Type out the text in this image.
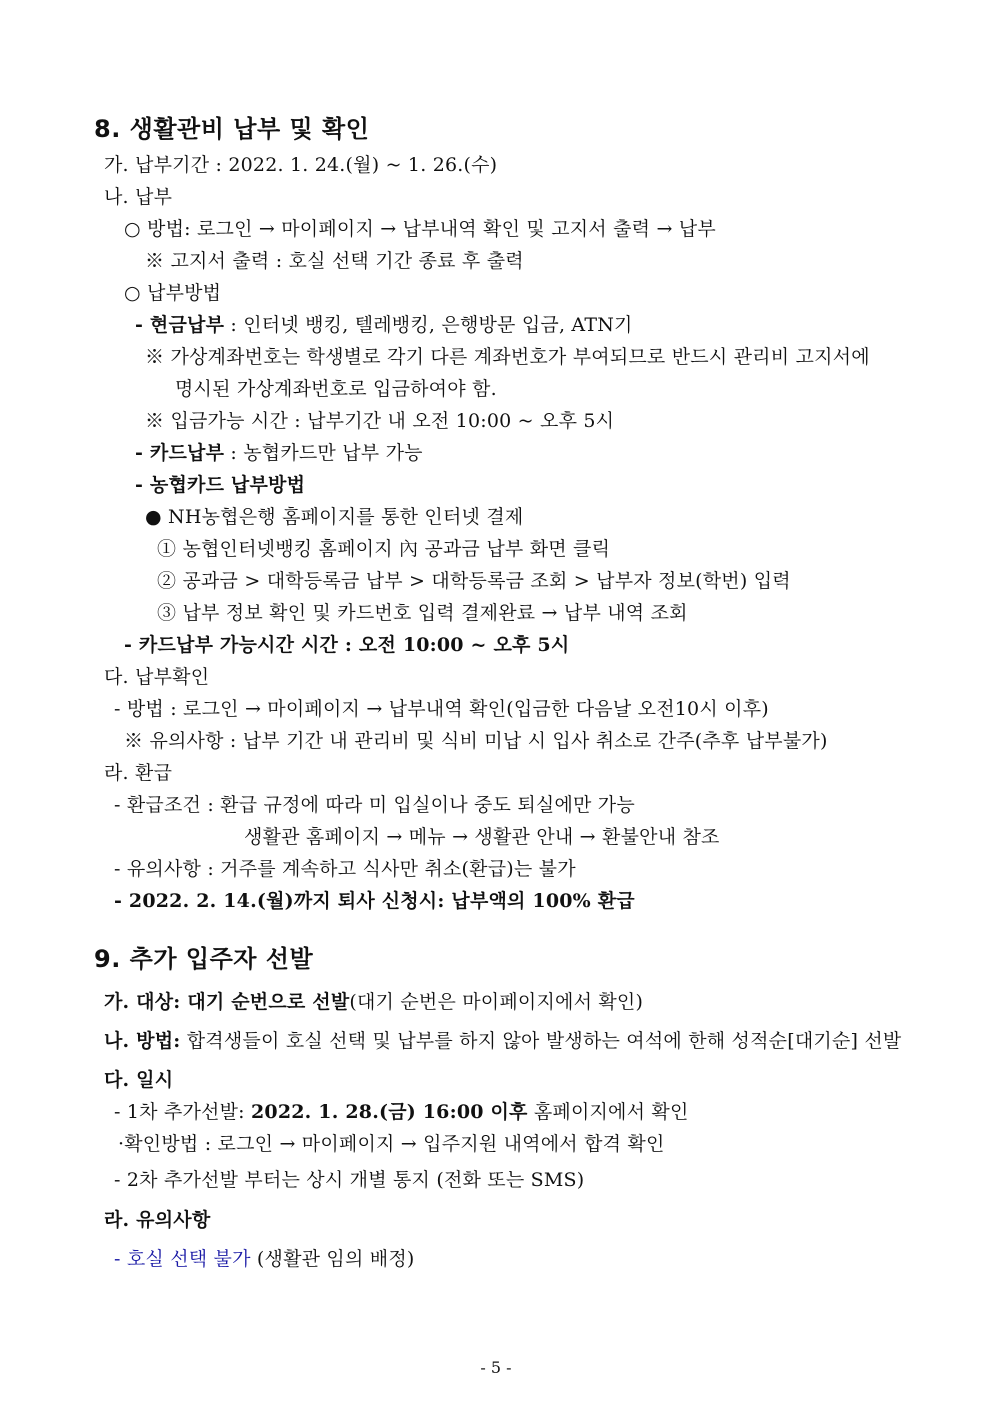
8. 생활관비 납부 및 확인
가. 납부기간 : 2022. 1. 24.(월) ~ 1. 26.(수)
나. 납부
○ 방법: 로그인 → 마이페이지 → 납부내역 확인 및 고지서 출력 → 납부
※ 고지서 출력 : 호실 선택 기간 종료 후 출력
○ 납부방법
- 현금납부 : 인터넷 뱅킹, 텔레뱅킹, 은행방문 입금, ATN기
※ 가상계좌번호는 학생별로 각기 다른 계좌번호가 부여되므로 반드시 관리비 고지서에
명시된 가상계좌번호로 입금하여야 함.
※ 입금가능 시간 : 납부기간 내 오전 10:00 ~ 오후 5시
- 카드납부 : 농협카드만 납부 가능
- 농협카드 납부방법
● NH농협은행 홈페이지를 통한 인터넷 결제
① 농협인터넷뱅킹 홈페이지 內 공과금 납부 화면 클릭
② 공과금 > 대학등록금 납부 > 대학등록금 조회 > 납부자 정보(학번) 입력
③ 납부 정보 확인 및 카드번호 입력 결제완료 → 납부 내역 조회
- 카드납부 가능시간 시간 : 오전 10:00 ~ 오후 5시
다. 납부확인
- 방법 : 로그인 → 마이페이지 → 납부내역 확인(입금한 다음날 오전10시 이후)
※ 유의사항 : 납부 기간 내 관리비 및 식비 미납 시 입사 취소로 간주(추후 납부불가)
라. 환급
- 환급조건 : 환급 규정에 따라 미 입실이나 중도 퇴실에만 가능
생활관 홈페이지 → 메뉴 → 생활관 안내 → 환불안내 참조
- 유의사항 : 거주를 계속하고 식사만 취소(환급)는 불가
- 2022. 2. 14.(월)까지 퇴사 신청시: 납부액의 100% 환급
9. 추가 입주자 선발
가. 대상: 대기 순번으로 선발(대기 순번은 마이페이지에서 확인)
나. 방법: 합격생들이 호실 선택 및 납부를 하지 않아 발생하는 여석에 한해 성적순[대기순] 선발
다. 일시
- 1차 추가선발: 2022. 1. 28.(금) 16:00 이후 홈페이지에서 확인
·확인방법 : 로그인 → 마이페이지 → 입주지원 내역에서 합격 확인
- 2차 추가선발 부터는 상시 개별 통지 (전화 또는 SMS)
라. 유의사항
- 호실 선택 불가 (생활관 임의 배정)
- 5 -
